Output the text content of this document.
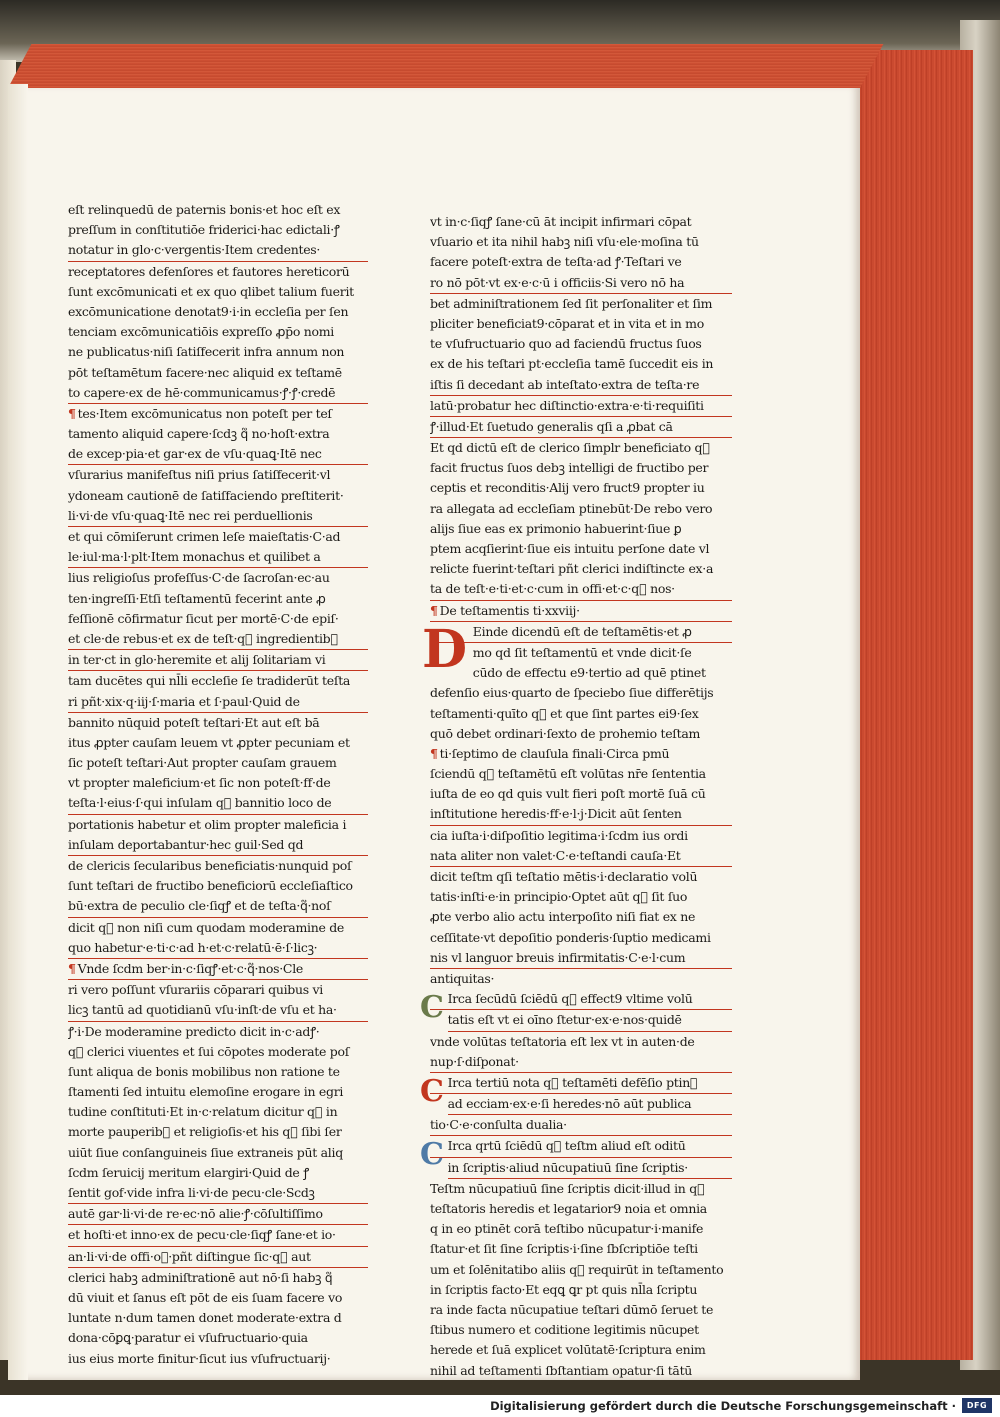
eſt relinquedū de paternis bonis·et hoc eſt ex
preſſum in conſtitutiōe friderici·hac edictali·ꝭ
notatur in glo·c·vergentis·Item credentes·
receptatores defenſores et fautores hereticorū
ſunt excōmunicati et ex quo qlibet talium fuerit
excōmunicatione denotat9·i·in eccleſia per ſen
tenciam excōmunicatiōis expreſſo ꝓp̄o nomi
ne publicatus·niſi ſatiſfecerit infra annum non
pōt teſtamētum facere·nec aliquid ex teſtamē
to capere·ex de hē·communicamus·ꝭ·ꝭ·credē
¶ tes·Item excōmunicatus non poteſt per teſ
tamento aliquid capere·ſcdꝫ q᷑ no·hoſt·extra
de excep·pia·et gar·ex de vſu·quaꝗ·Itē nec
vſurarius manifeſtus niſi prius ſatiſfecerit·vl
ydoneam cautionē de ſatiſfaciendo preſtiterit·
li·vi·de vſu·quaꝗ·Itē nec rei perduellionis
et qui cōmiſerunt crimen leſe maieſtatis·C·ad
le·iul·ma·l·plt·Item monachus et quilibet a
lius religioſus profeſſus·C·de ſacroſan·ec·au
ten·ingreſſi·Etſi teſtamentū fecerint ante ꝓ
feſſionē cōfirmatur ſicut per mortē·C·de epiſ·
et cle·de rebus·et ex de teſt·q᷑ ingredientib᷒
in ter·ct in glo·heremite et alij ſolitariam vi
tam ducētes qui nl̄li eccleſie ſe tradiderūt teſta
ri pñt·xix·q·iij·ſ·maria et ſ·paul·Quid de
bannito nūquid poteſt teſtari·Et aut eſt bā
itus ꝓpter cauſam leuem vt ꝓpter pecuniam et
ſic poteſt teſtari·Aut propter cauſam grauem
vt propter maleficium·et ſic non poteſt·ff·de
teſta·l·eius·ſ·qui inſulam q᷑ bannitio loco de
portationis habetur et olim propter maleficia i
inſulam deportabantur·hec guil·Sed qd
de clericis ſecularibus beneficiatis·nunquid poſ
ſunt teſtari de fructibo beneficiorū eccleſiaſtico
bū·extra de peculio cle·ſiqꝭ et de teſta·q᷑·noſ
dicit q᷑ non niſi cum quodam moderamine de
quo habetur·e·ti·c·ad h·et·c·relatū·ē·ſ·licꝫ·
¶ Vnde ſcdm ber·in·c·ſiqꝭ·et·c·q᷑·nos·Cle
ri vero poſſunt vſurariis cōparari quibus vi
licꝫ tantū ad quotidianū vſu·inſt·de vſu et ha·
ꝭ·i·De moderamine predicto dicit in·c·adꝭ·
q᷑ clerici viuentes et ſui cōpotes moderate poſ
ſunt aliqua de bonis mobilibus non ratione te
ſtamenti ſed intuitu elemoſine erogare in egri
tudine conſtituti·Et in·c·relatum dicitur q᷑ in
morte pauperib᷒ et religioſis·et his q᷑ ſibi ſer
uiūt ſiue conſanguineis ſiue extraneis pūt aliq
ſcdm ſeruicij meritum elargiri·Quid de ꝭ
ſentit gof·vide infra li·vi·de pecu·cle·Scdꝫ
autē gar·li·vi·de re·ec·nō alie·ꝭ·cōſultiſſimo
et hoſti·et inno·ex de pecu·cle·ſiqꝭ ſane·et io·
an·li·vi·de offi·o᷑·pñt diſtingue ſic·q᷑ aut
clerici habꝫ adminiſtrationē aut nō·ſi habꝫ q᷑
dū viuit et ſanus eſt pōt de eis ſuam facere vo
luntate n·dum tamen donet moderate·extra d
dona·cōꝑꝗ·paratur ei vſufructuario·quia
ius eius morte finitur·ſicut ius vſufructuarij·
vt in·c·ſiqꝭ ſane·cū āt incipit infirmari cōpat
vſuario et ita nihil habꝫ niſi vſu·ele·moſina tū
facere poteſt·extra de teſta·ad ꝭ·Teſtari ve
ro nō pōt·vt ex·e·c·ū i officiis·Si vero nō ha
bet adminiſtrationem ſed ſit perſonaliter et ſim
pliciter beneficiat9·cōparat et in vita et in mo
te vſufructuario quo ad faciendū fructus ſuos
ex de his teſtari pt·eccleſia tamē ſuccedit eis in
iſtis ſi decedant ab inteſtato·extra de teſta·re
latū·probatur hec diſtinctio·extra·e·ti·requiſiti
ꝭ·illud·Et ſuetudo generalis qſi a ꝓbat cā
Et qd dictū eſt de clerico ſimplr beneficiato q᷑
facit fructus ſuos debꝫ intelligi de fructibo per
ceptis et reconditis·Alij vero fruct9 propter iu
ra allegata ad eccleſiam ptinebūt·De rebo vero
alijs ſiue eas ex primonio habuerint·ſiue ꝑ
ptem acqſierint·ſiue eis intuitu perſone date vl
relicte fuerint·teſtari pñt clerici indiſtincte ex·a
ta de teſt·e·ti·et·c·cum in offi·et·c·q᷑ nos·
¶ De teſtamentis ti·xxviij·
D Einde dicendū eſt de teſtamētis·et ꝓ
mo qd ſit teſtamentū et vnde dicit·ſe
cūdo de effectu e9·tertio ad quē ptinet
defenſio eius·quarto de ſpeciebo ſiue differētijs
teſtamenti·quīto q᷑ et que ſint partes ei9·ſex
quō debet ordinari·ſexto de prohemio teſtam
¶ ti·ſeptimo de clauſula finali·Circa pmū
ſciendū q᷑ teſtamētū eſt volūtas nr̄e ſententia
iuſta de eo qd quis vult fieri poſt mortē ſuā cū
inſtitutione heredis·ff·e·l·j·Dicit aūt ſenten
cia iuſta·i·diſpoſitio legitima·i·ſcdm ius ordi
nata aliter non valet·C·e·teſtandi cauſa·Et
dicit teſtm qſi teſtatio mētis·i·declaratio volū
tatis·inſti·e·in principio·Optet aūt q᷑ ſit ſuo
ꝓte verbo alio actu interpoſito niſi fiat ex ne
ceſſitate·vt depoſitio ponderis·ſuptio medicami
nis vl languor breuis infirmitatis·C·e·l·cum
antiquitas·
C Irca ſecūdū ſciēdū q᷑ effect9 vltime volū
tatis eſt vt ei oīno ſtetur·ex·e·nos·quidē
vnde volūtas teſtatoria eſt lex vt in auten·de
nup·ſ·diſponat·
C Irca tertiū nota q᷑ teſtamēti defēſio ptinꝫ
ad ecciam·ex·e·ſi heredes·nō aūt publica
tio·C·e·conſulta dualia·
C Irca qrtū ſciēdū q᷑ teſtm aliud eſt oditū
in ſcriptis·aliud nūcupatiuū ſine ſcriptis·
Teſtm nūcupatiuū ſine ſcriptis dicit·illud in q᷑
teſtatoris heredis et legatarior9 noia et omnia
q in eo ptinēt corā teſtibo nūcupatur·i·manife
ſtatur·et ſit ſine ſcriptis·i·ſine ſbſcriptiōe teſti
um et ſolēnitatibo aliis q᷑ requirūt in teſtamento
in ſcriptis facto·Et eqꝗ ꝗr pt quis nl̄la ſcriptu
ra inde facta nūcupatiue teſtari dūmō ſeruet te
ſtibus numero et coditione legitimis nūcupet
herede et ſuā explicet volūtatē·ſcriptura enim
nihil ad teſtamenti ſbſtantiam opatur·ſi tātū
Digitalisierung gefördert durch die Deutsche Forschungsgemeinschaft ·	DFG
